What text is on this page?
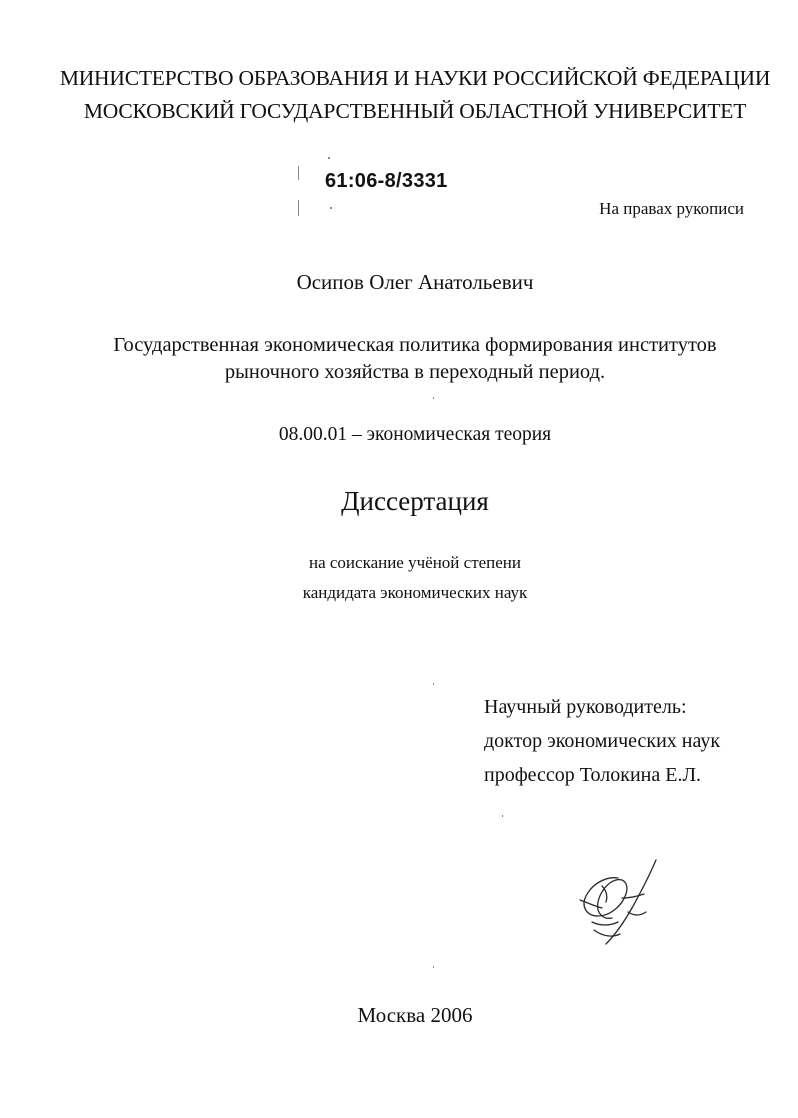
МИНИСТЕРСТВО ОБРАЗОВАНИЯ И НАУКИ РОССИЙСКОЙ ФЕДЕРАЦИИ
МОСКОВСКИЙ ГОСУДАРСТВЕННЫЙ ОБЛАСТНОЙ УНИВЕРСИТЕТ
61:06-8/3331
На правах рукописи
Осипов Олег Анатольевич
Государственная экономическая политика формирования институтов
рыночного хозяйства в переходный период.
08.00.01 – экономическая теория
Диссертация
на соискание учёной степени
кандидата экономических наук
Научный руководитель:
доктор экономических наук
профессор Толокина Е.Л.
Москва 2006
